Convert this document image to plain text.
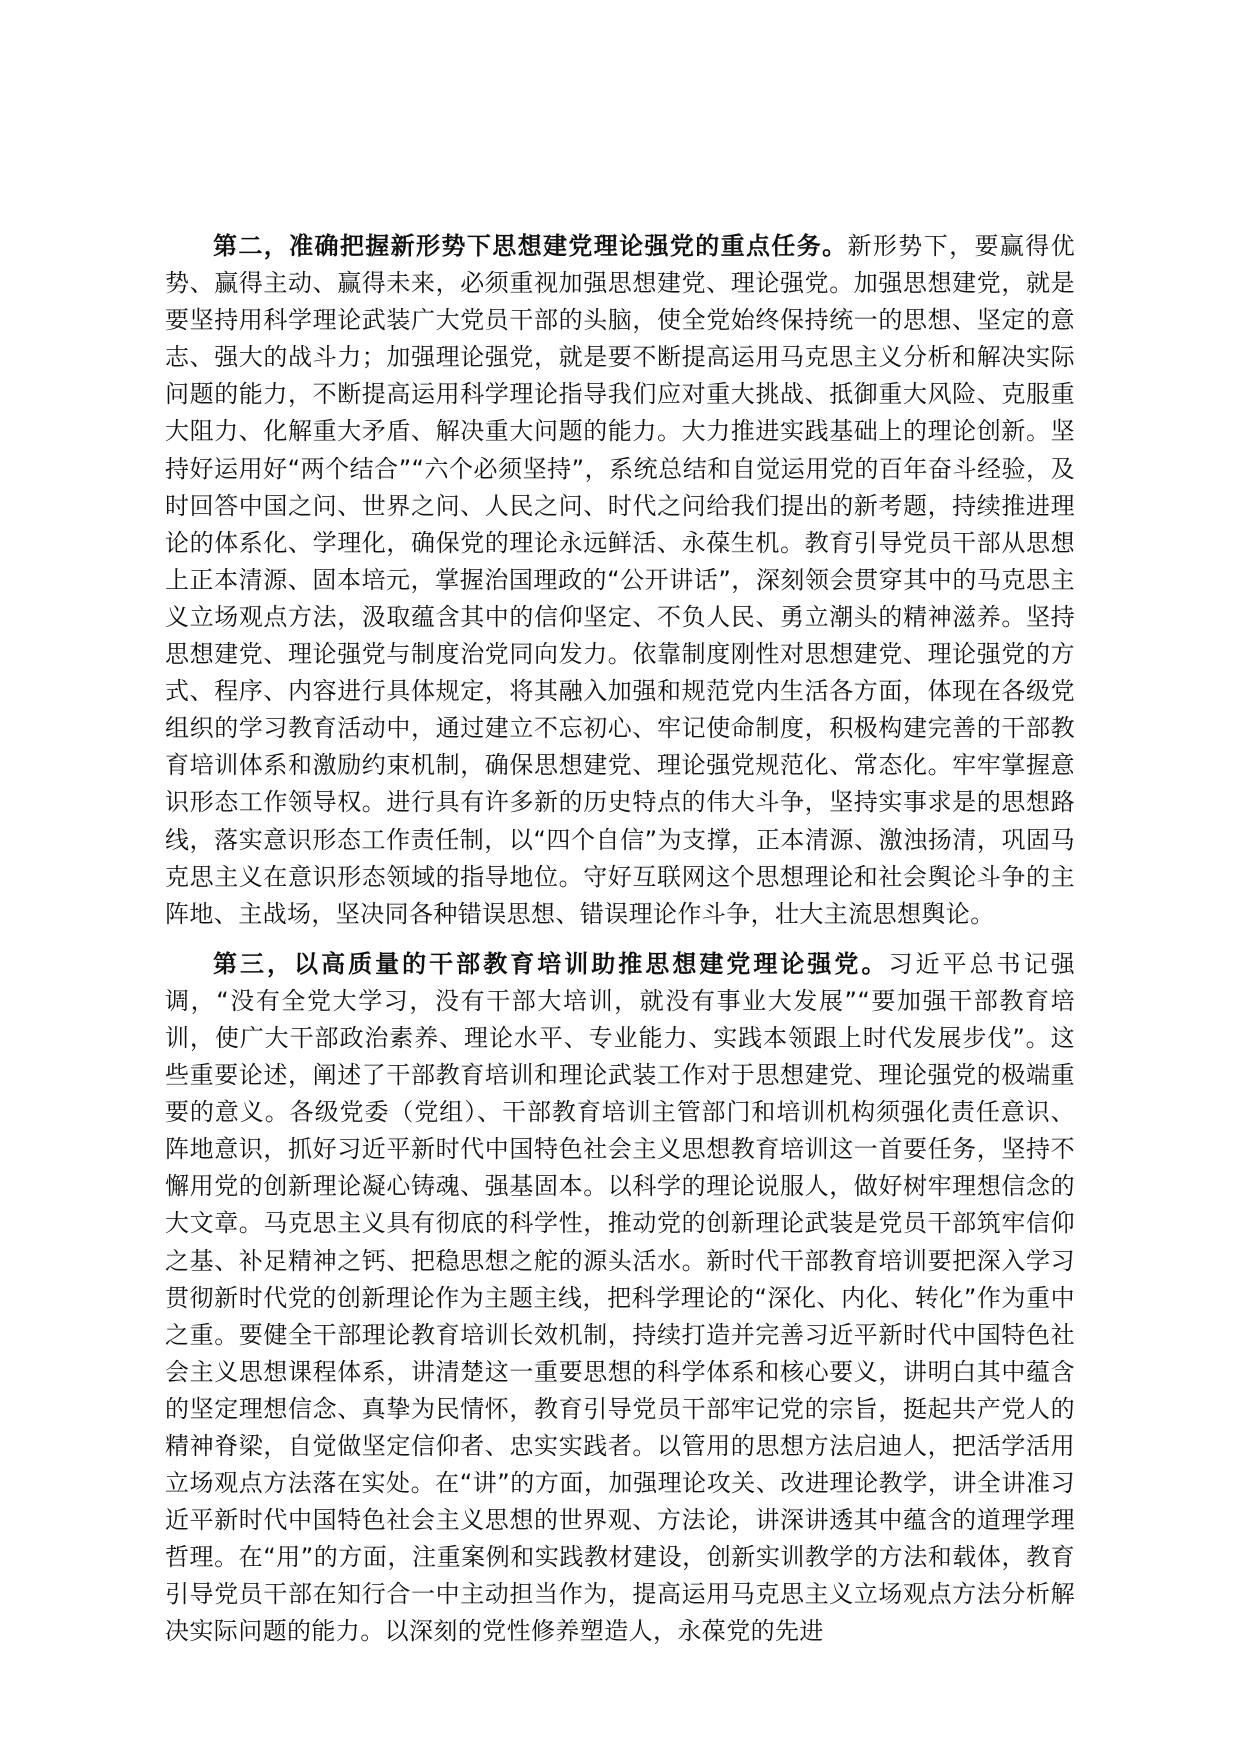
第二，准确把握新形势下思想建党理论强党的重点任务。新形势下，要赢得优势、赢得主动、赢得未来，必须重视加强思想建党、理论强党。加强思想建党，就是要坚持用科学理论武装广大党员干部的头脑，使全党始终保持统一的思想、坚定的意志、强大的战斗力；加强理论强党，就是要不断提高运用马克思主义分析和解决实际问题的能力，不断提高运用科学理论指导我们应对重大挑战、抵御重大风险、克服重大阻力、化解重大矛盾、解决重大问题的能力。大力推进实践基础上的理论创新。坚持好运用好“两个结合”“六个必须坚持”，系统总结和自觉运用党的百年奋斗经验，及时回答中国之问、世界之问、人民之问、时代之问给我们提出的新考题，持续推进理论的体系化、学理化，确保党的理论永远鲜活、永葆生机。教育引导党员干部从思想上正本清源、固本培元，掌握治国理政的“公开讲话”，深刻领会贯穿其中的马克思主义立场观点方法，汲取蕴含其中的信仰坚定、不负人民、勇立潮头的精神滋养。坚持思想建党、理论强党与制度治党同向发力。依靠制度刚性对思想建党、理论强党的方式、程序、内容进行具体规定，将其融入加强和规范党内生活各方面，体现在各级党组织的学习教育活动中，通过建立不忘初心、牢记使命制度，积极构建完善的干部教育培训体系和激励约束机制，确保思想建党、理论强党规范化、常态化。牢牢掌握意识形态工作领导权。进行具有许多新的历史特点的伟大斗争，坚持实事求是的思想路线，落实意识形态工作责任制，以“四个自信”为支撑，正本清源、激浊扬清，巩固马克思主义在意识形态领域的指导地位。守好互联网这个思想理论和社会舆论斗争的主阵地、主战场，坚决同各种错误思想、错误理论作斗争，壮大主流思想舆论。

第三，以高质量的干部教育培训助推思想建党理论强党。习近平总书记强调，“没有全党大学习，没有干部大培训，就没有事业大发展”“要加强干部教育培训，使广大干部政治素养、理论水平、专业能力、实践本领跟上时代发展步伐”。这些重要论述，阐述了干部教育培训和理论武装工作对于思想建党、理论强党的极端重要的意义。各级党委（党组）、干部教育培训主管部门和培训机构须强化责任意识、阵地意识，抓好习近平新时代中国特色社会主义思想教育培训这一首要任务，坚持不懈用党的创新理论凝心铸魂、强基固本。以科学的理论说服人，做好树牢理想信念的大文章。马克思主义具有彻底的科学性，推动党的创新理论武装是党员干部筑牢信仰之基、补足精神之钙、把稳思想之舵的源头活水。新时代干部教育培训要把深入学习贯彻新时代党的创新理论作为主题主线，把科学理论的“深化、内化、转化”作为重中之重。要健全干部理论教育培训长效机制，持续打造并完善习近平新时代中国特色社会主义思想课程体系，讲清楚这一重要思想的科学体系和核心要义，讲明白其中蕴含的坚定理想信念、真挚为民情怀，教育引导党员干部牢记党的宗旨，挺起共产党人的精神脊梁，自觉做坚定信仰者、忠实实践者。以管用的思想方法启迪人，把活学活用立场观点方法落在实处。在“讲”的方面，加强理论攻关、改进理论教学，讲全讲准习近平新时代中国特色社会主义思想的世界观、方法论，讲深讲透其中蕴含的道理学理哲理。在“用”的方面，注重案例和实践教材建设，创新实训教学的方法和载体，教育引导党员干部在知行合一中主动担当作为，提高运用马克思主义立场观点方法分析解决实际问题的能力。以深刻的党性修养塑造人，永葆党的先进
